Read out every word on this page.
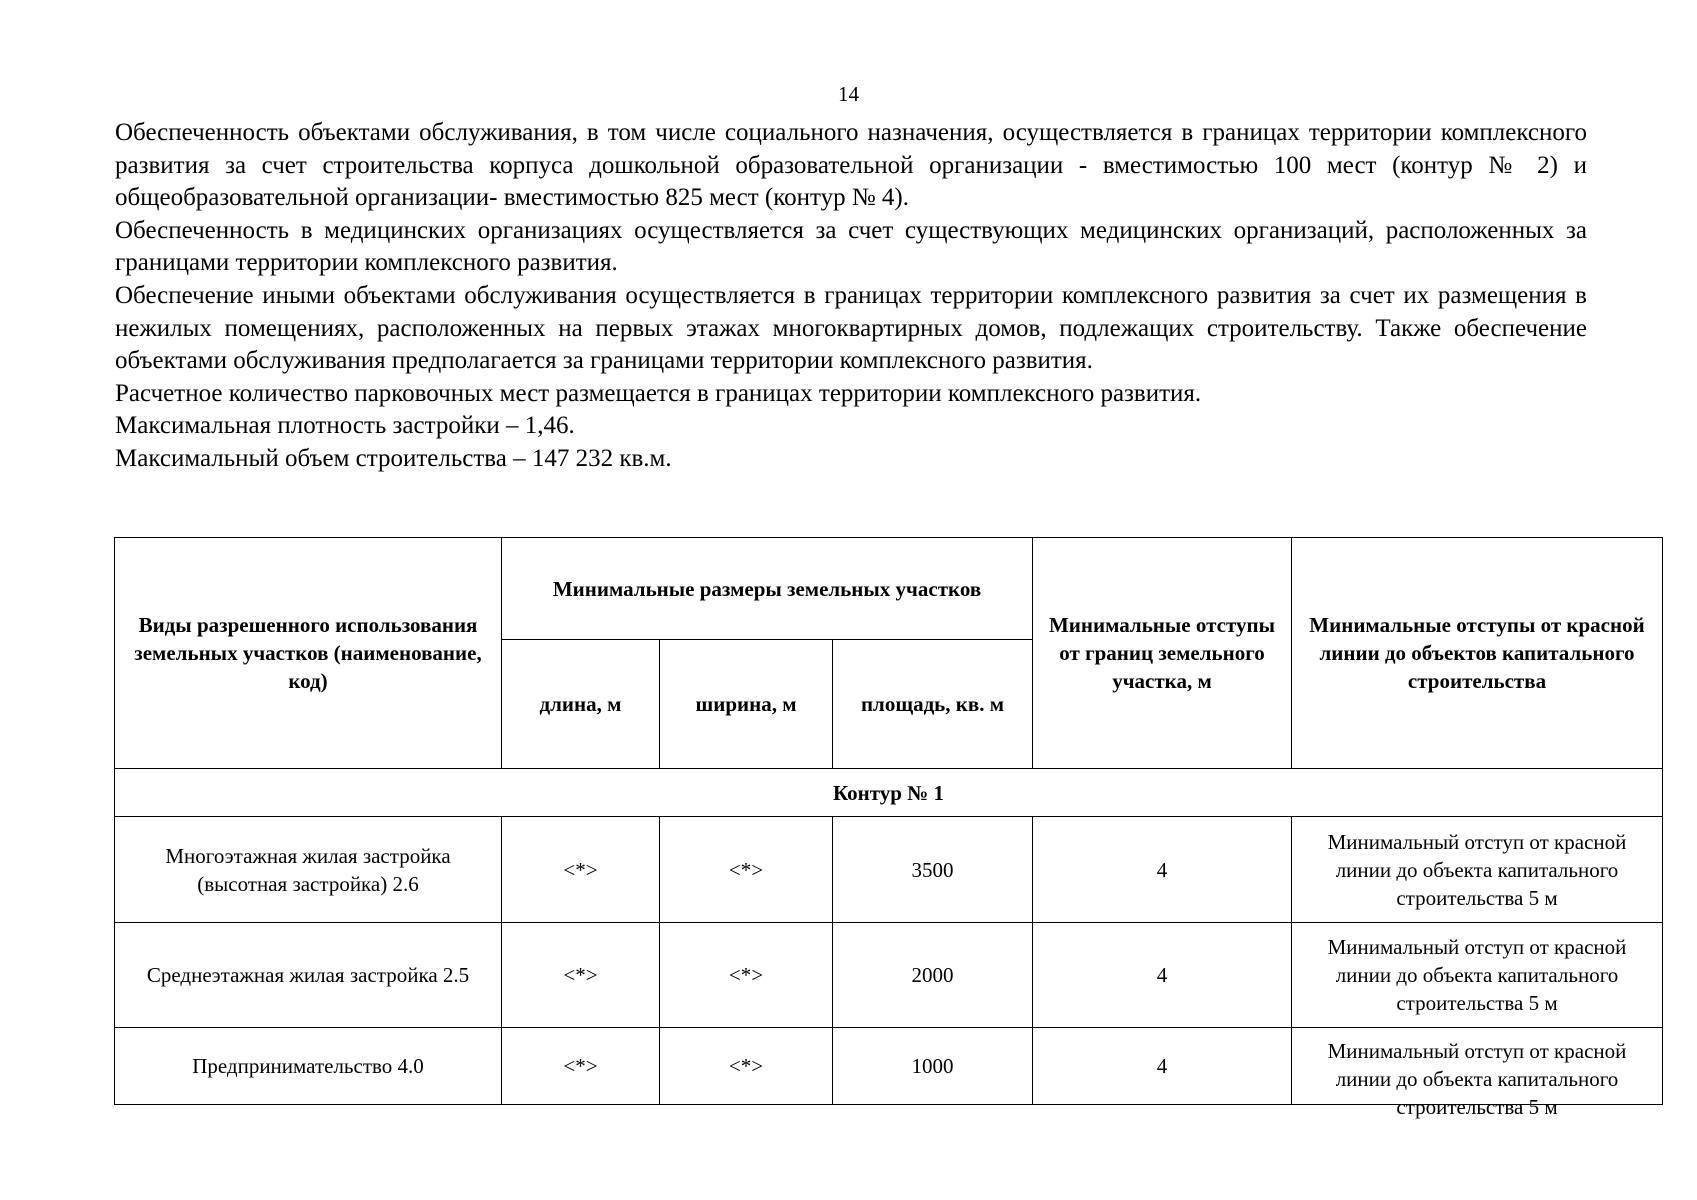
14

Обеспеченность объектами обслуживания, в том числе социального назначения, осуществляется в границах территории комплексного развития за счет строительства корпуса дошкольной образовательной организации - вместимостью 100 мест (контур № 2) и общеобразовательной организации- вместимостью 825 мест (контур № 4).

Обеспеченность в медицинских организациях осуществляется за счет существующих медицинских организаций, расположенных за границами территории комплексного развития.

Обеспечение иными объектами обслуживания осуществляется в границах территории комплексного развития за счет их размещения в нежилых помещениях, расположенных на первых этажах многоквартирных домов, подлежащих строительству. Также обеспечение объектами обслуживания предполагается за границами территории комплексного развития.

Расчетное количество парковочных мест размещается в границах территории комплексного развития.

Максимальная плотность застройки – 1,46.

Максимальный объем строительства – 147 232 кв.м.

Виды разрешенного использования земельных участков (наименование, код)	Минимальные размеры земельных участков			Минимальные отступы от границ земельного участка, м	Минимальные отступы от красной линии до объектов капитального строительства
	длина, м	ширина, м	площадь, кв. м		
Контур № 1					
Многоэтажная жилая застройка (высотная застройка) 2.6	<*>	<*>	3500	4	Минимальный отступ от красной линии до объекта капитального строительства 5 м
Среднеэтажная жилая застройка 2.5	<*>	<*>	2000	4	Минимальный отступ от красной линии до объекта капитального строительства 5 м
Предпринимательство 4.0	<*>	<*>	1000	4	Минимальный отступ от красной линии до объекта капитального строительства 5 м
